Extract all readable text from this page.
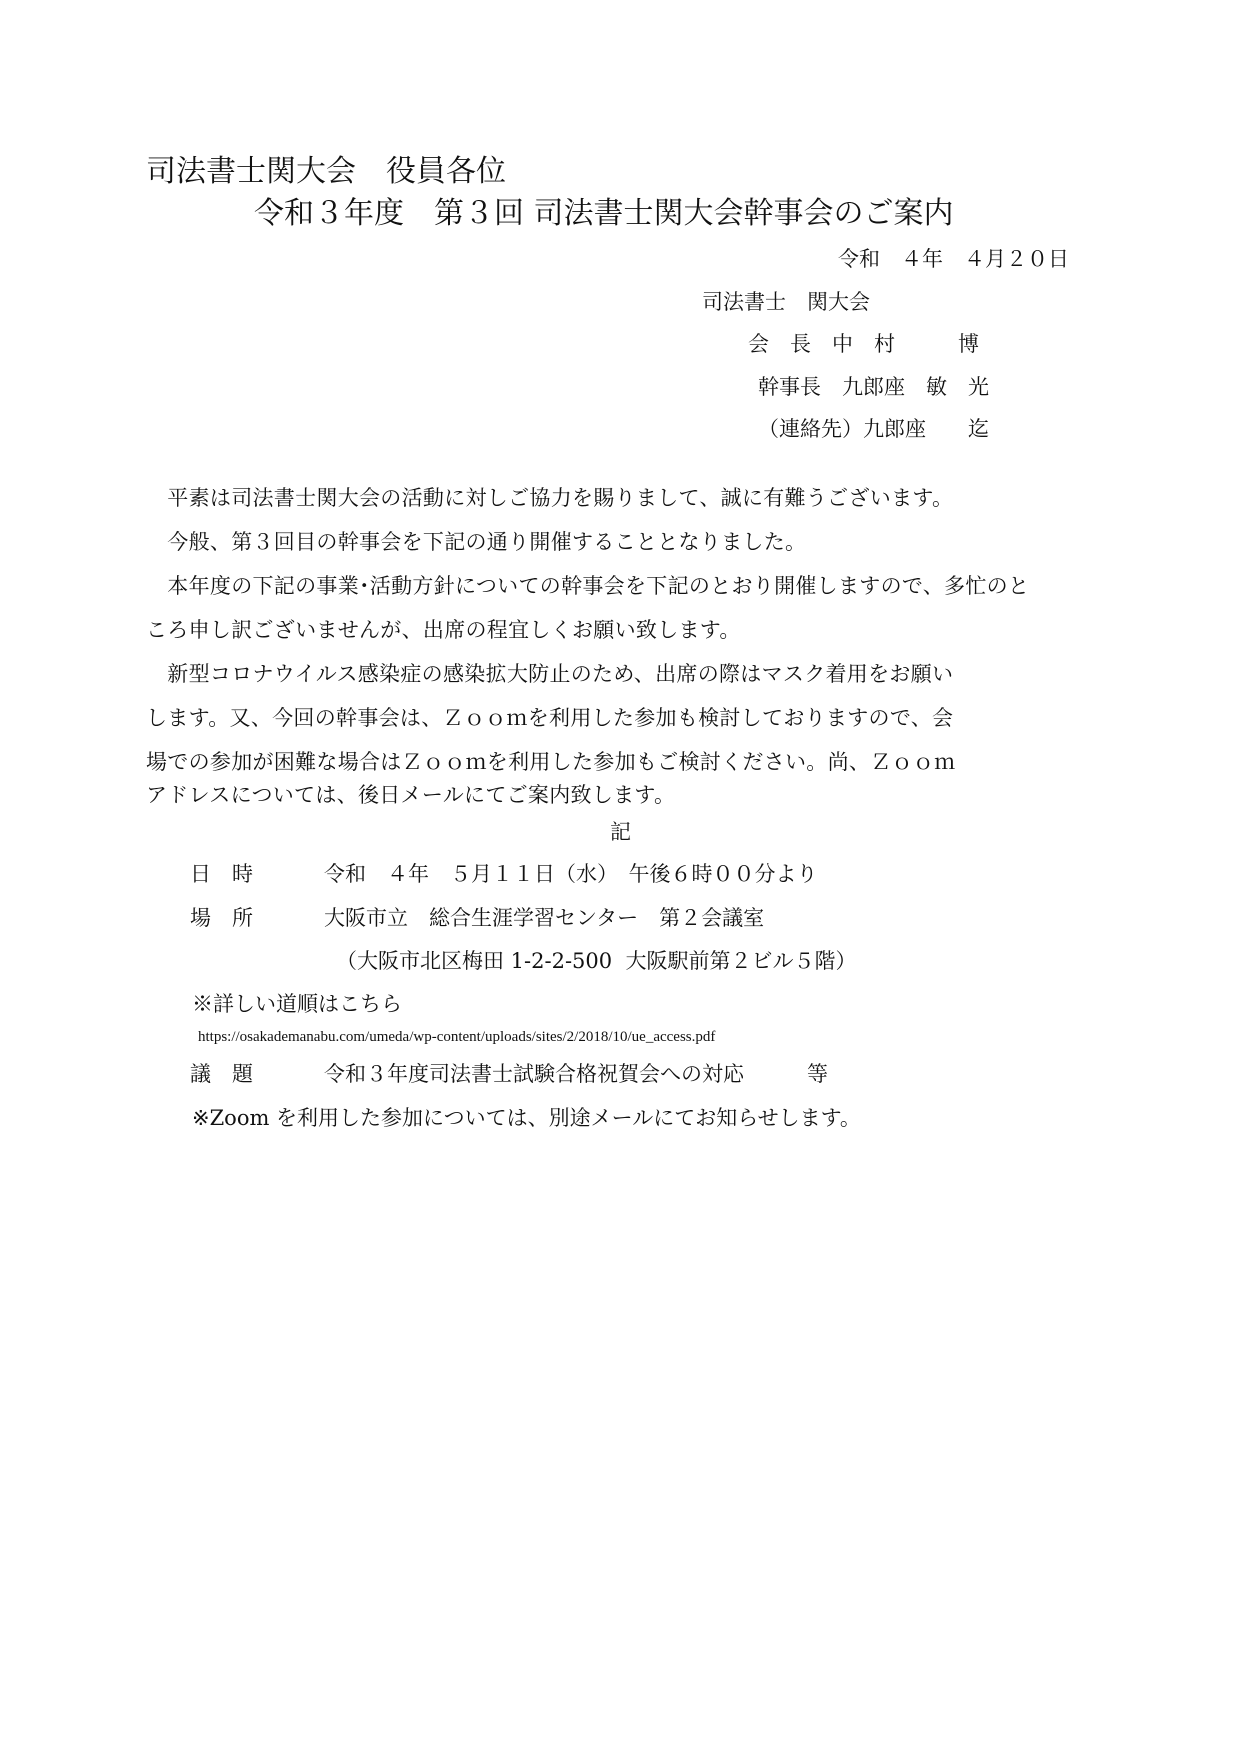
司法書士関大会　役員各位

令和３年度　第３回 司法書士関大会幹事会のご案内

令和　４年　４月２０日

司法書士　関大会

会　長　中　村　　　博

幹事長　九郎座　敏　光

（連絡先）九郎座　　迄

　平素は司法書士関大会の活動に対しご協力を賜りまして、誠に有難うございます。

　今般、第３回目の幹事会を下記の通り開催することとなりました。

　本年度の下記の事業･活動方針についての幹事会を下記のとおり開催しますので、多忙のと

ころ申し訳ございませんが、出席の程宜しくお願い致します。

　新型コロナウイルス感染症の感染拡大防止のため、出席の際はマスク着用をお願い

します。又、今回の幹事会は、Ｚｏｏｍを利用した参加も検討しておりますので、会

場での参加が困難な場合はＺｏｏｍを利用した参加もご検討ください。尚、Ｚｏｏｍ

アドレスについては、後日メールにてご案内致します。

記

日　時	令和　４年　５月１１日（水）　午後６時００分より

場　所	大阪市立　総合生涯学習センター　第２会議室

（大阪市北区梅田 1-2-2-500  大阪駅前第２ビル５階）

※詳しい道順はこちら

https://osakademanabu.com/umeda/wp-content/uploads/sites/2/2018/10/ue_access.pdf

議　題	令和３年度司法書士試験合格祝賀会への対応　　　等

※Zoom を利用した参加については、別途メールにてお知らせします。
